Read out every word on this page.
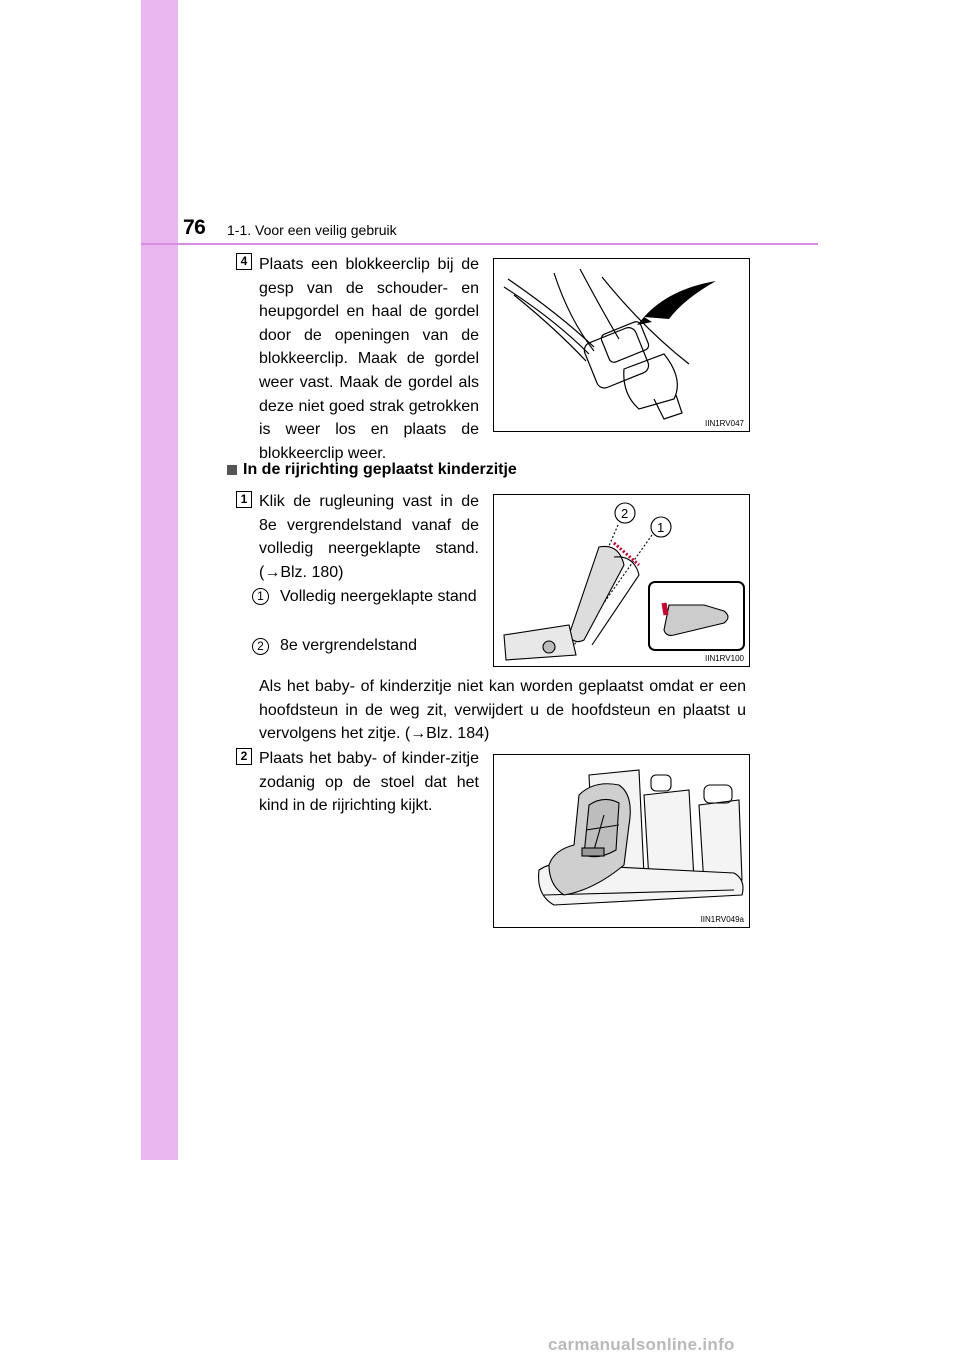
76 1-1. Voor een veilig gebruik
4 Plaats een blokkeerclip bij de gesp van de schouder- en heupgordel en haal de gordel door de openingen van de blokkeerclip. Maak de gordel weer vast. Maak de gordel als deze niet goed strak getrokken is weer los en plaats de blokkeerclip weer.
IIN1RV047
In de rijrichting geplaatst kinderzitje
1 Klik de rugleuning vast in de 8e vergrendelstand vanaf de volledig neergeklapte stand. (→Blz. 180)
1	Volledig neergeklapte stand
2	8e vergrendelstand
2
1
IIN1RV100
Als het baby- of kinderzitje niet kan worden geplaatst omdat er een hoofdsteun in de weg zit, verwijdert u de hoofdsteun en plaatst u vervolgens het zitje. (→Blz. 184)
2 Plaats het baby- of kinder-zitje zodanig op de stoel dat het kind in de rijrichting kijkt.
IIN1RV049a
carmanualsonline.info
